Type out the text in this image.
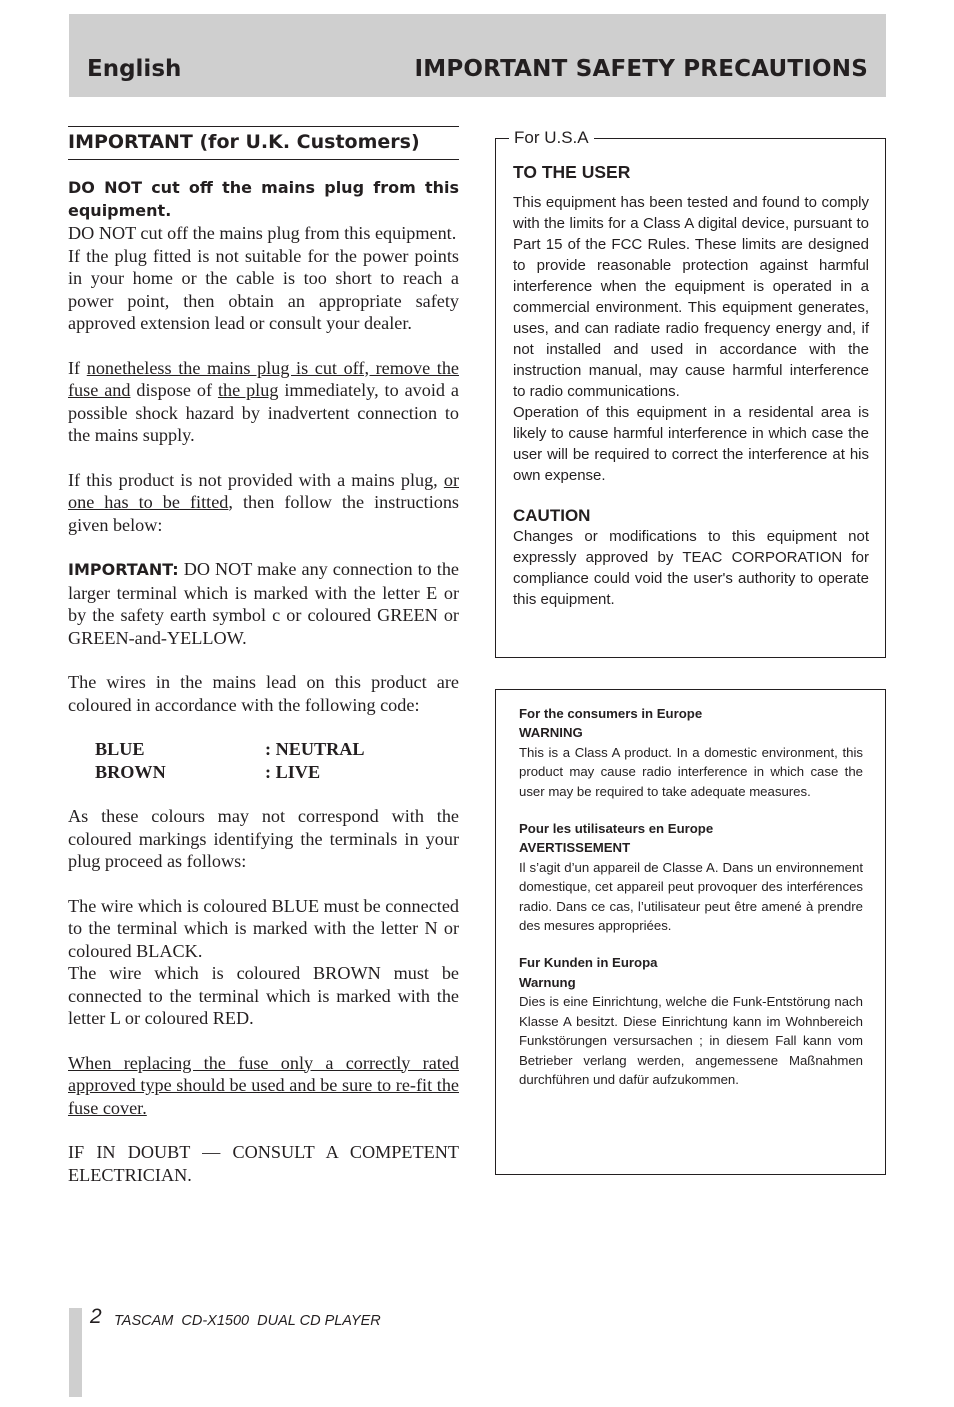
English	IMPORTANT SAFETY PRECAUTIONS
IMPORTANT (for U.K. Customers)
DO NOT cut off the mains plug from this equipment.

DO NOT cut off the mains plug from this equipment.

If the plug fitted is not suitable for the power points in your home or the cable is too short to reach a power point, then obtain an appropriate safety approved extension lead or consult your dealer.

If nonetheless the mains plug is cut off, remove the fuse and dispose of the plug immediately, to avoid a possible shock hazard by inadvertent connection to the mains supply.

If this product is not provided with a mains plug, or one has to be fitted, then follow the instructions given below:

IMPORTANT: DO NOT make any connection to the larger terminal which is marked with the letter E or by the safety earth symbol c or coloured GREEN or GREEN-and-YELLOW.

The wires in the mains lead on this product are coloured in accordance with the following code:

BLUE	: NEUTRAL
BROWN	: LIVE

As these colours may not correspond with the coloured markings identifying the terminals in your plug proceed as follows:

The wire which is coloured BLUE must be connected to the terminal which is marked with the letter N or coloured BLACK.

The wire which is coloured BROWN must be connected to the terminal which is marked with the letter L or coloured RED.

When replacing the fuse only a correctly rated approved type should be used and be sure to re-fit the fuse cover.

IF IN DOUBT — CONSULT A COMPETENT ELECTRICIAN.

For U.S.A
TO THE USER
This equipment has been tested and found to comply with the limits for a Class A digital device, pursuant to Part 15 of the FCC Rules. These limits are designed to provide reasonable protection against harmful interference when the equipment is operated in a commercial environment. This equipment generates, uses, and can radiate radio frequency energy and, if not installed and used in accordance with the instruction manual, may cause harmful interference to radio communications.
Operation of this equipment in a residental area is likely to cause harmful interference in which case the user will be required to correct the interference at his own expense.
CAUTION
Changes or modifications to this equipment not expressly approved by TEAC CORPORATION for compliance could void the user's authority to operate this equipment.
For the consumers in Europe
WARNING
This is a Class A product. In a domestic environment, this product may cause radio interference in which case the user may be required to take adequate measures.
Pour les utilisateurs en Europe
AVERTISSEMENT
Il s’agit d’un appareil de Classe A. Dans un environnement domestique, cet appareil peut provoquer des interférences radio. Dans ce cas, l’utilisateur peut être amené à prendre des mesures appropriées.
Fur Kunden in Europa
Warnung
Dies is eine Einrichtung, welche die Funk-Entstörung nach Klasse A besitzt. Diese Einrichtung kann im Wohnbereich Funkstörungen versursachen ; in diesem Fall kann vom Betrieber verlang werden, angemessene Maßnahmen durchführen und dafür aufzukommen.
2 TASCAM  CD-X1500  DUAL CD PLAYER
